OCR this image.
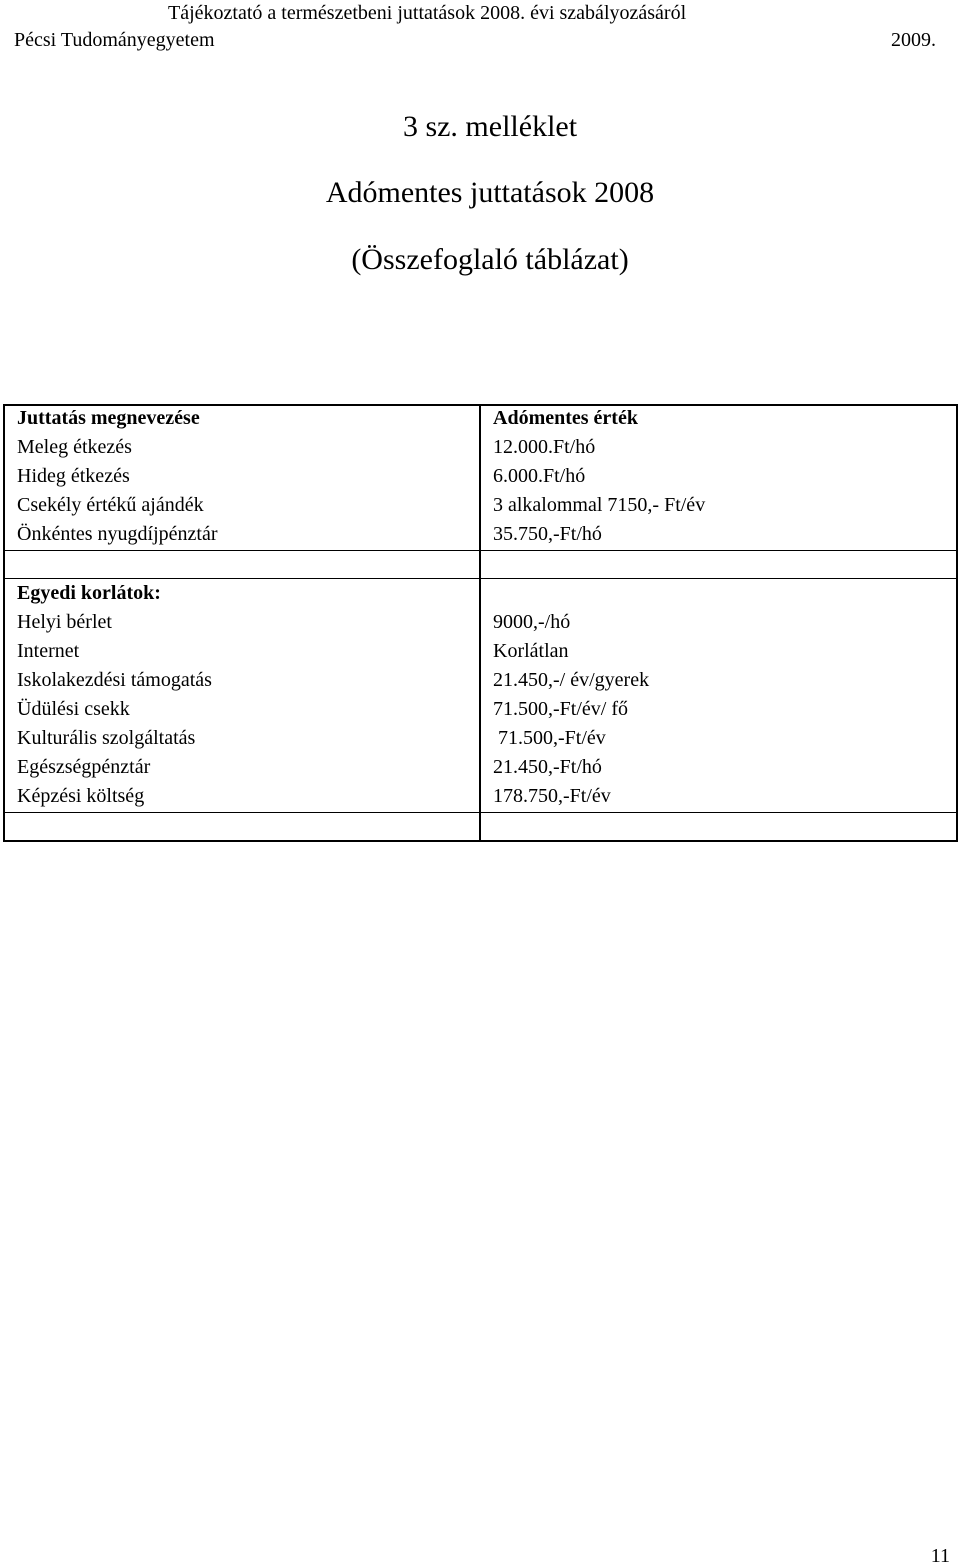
Tájékoztató a természetbeni juttatások 2008. évi szabályozásáról
Pécsi Tudományegyetem	2009.
3 sz. melléklet
Adómentes juttatások 2008
(Összefoglaló táblázat)
Juttatás megnevezése	Adómentes érték
Meleg étkezés	12.000.Ft/hó
Hideg étkezés	6.000.Ft/hó
Csekély értékű ajándék	3 alkalommal 7150,- Ft/év
Önkéntes nyugdíjpénztár	35.750,-Ft/hó
Egyedi korlátok:
Helyi bérlet	9000,-/hó
Internet	Korlátlan
Iskolakezdési támogatás	21.450,-/ év/gyerek
Üdülési csekk	71.500,-Ft/év/ fő
Kulturális szolgáltatás	71.500,-Ft/év
Egészségpénztár	21.450,-Ft/hó
Képzési költség	178.750,-Ft/év
11
